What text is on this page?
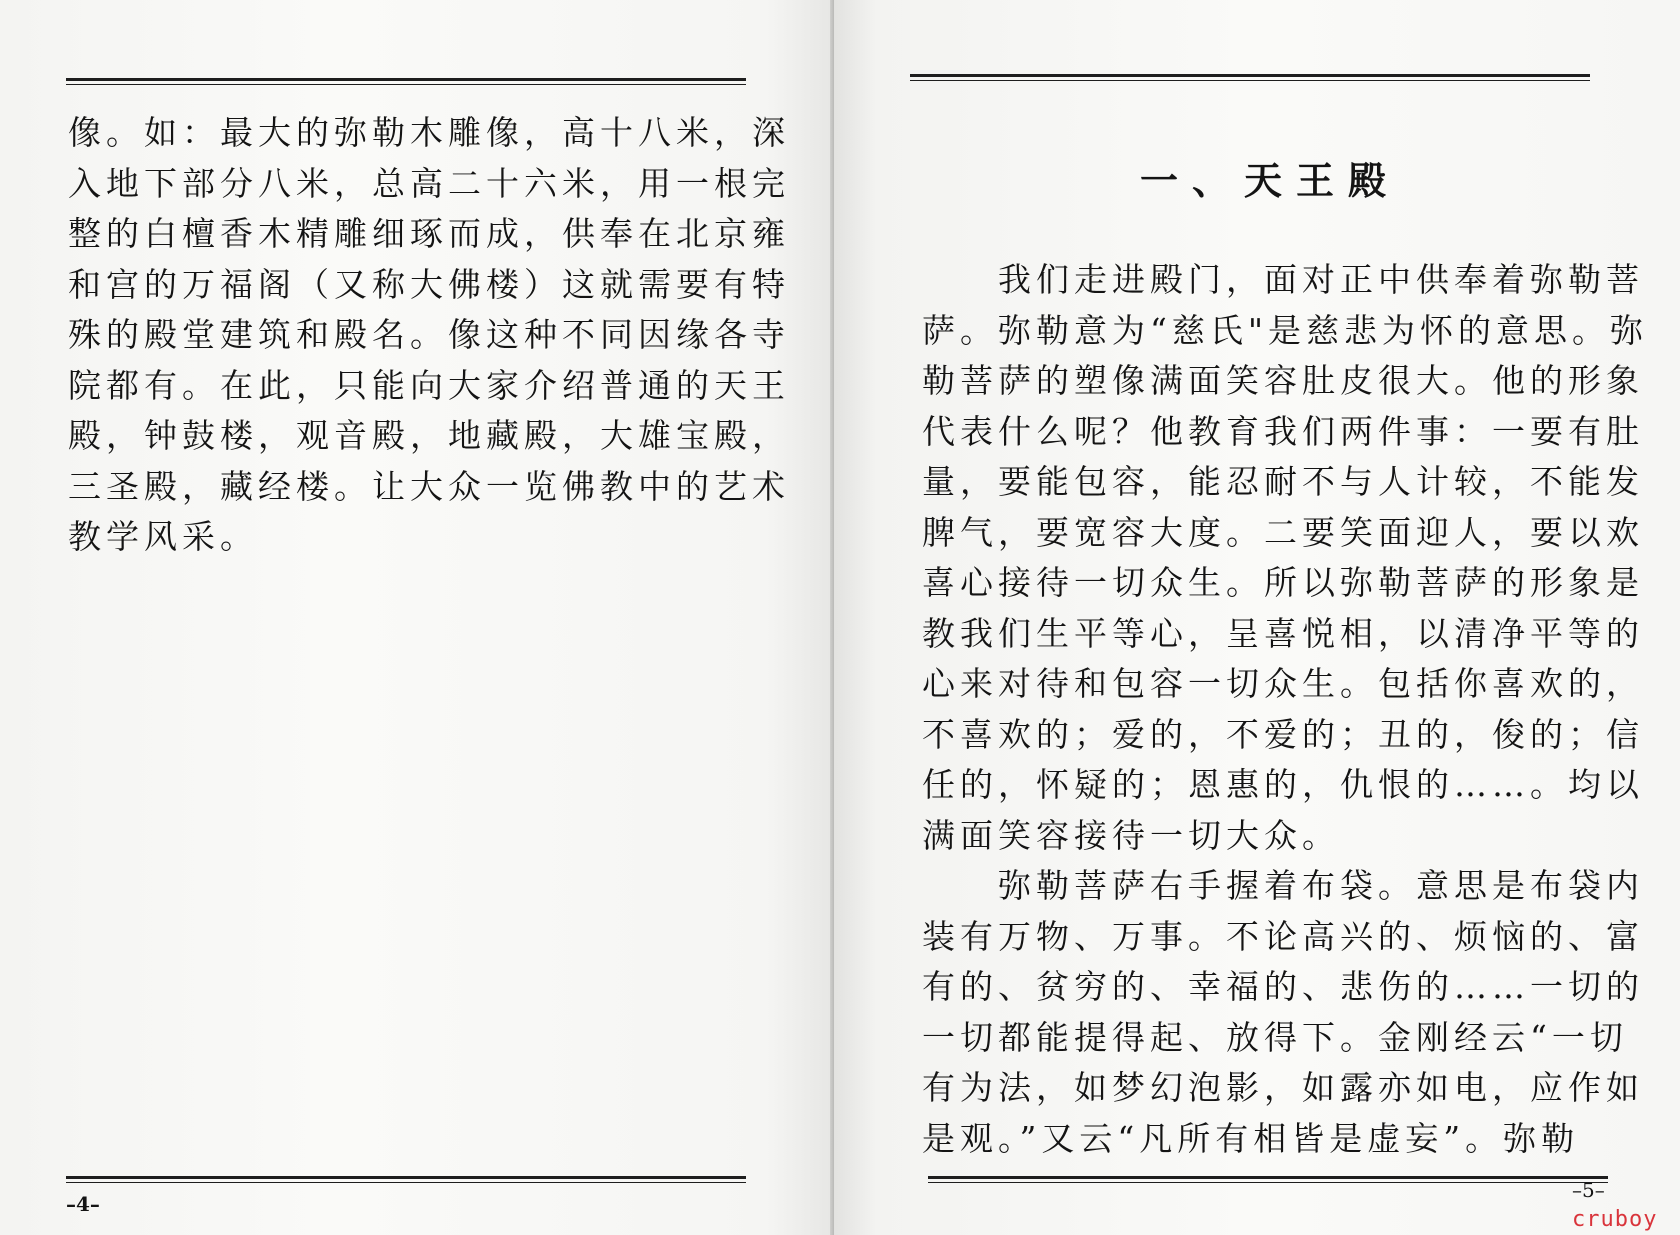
像。如：最大的弥勒木雕像，高十八米，深
入地下部分八米，总高二十六米，用一根完
整的白檀香木精雕细琢而成，供奉在北京雍
和宫的万福阁（又称大佛楼）这就需要有特
殊的殿堂建筑和殿名。像这种不同因缘各寺
院都有。在此，只能向大家介绍普通的天王
殿，钟鼓楼，观音殿，地藏殿，大雄宝殿，
三圣殿，藏经楼。让大众一览佛教中的艺术
教学风采。
–4–
一、天王殿
　　我们走进殿门，面对正中供奉着弥勒菩
萨。弥勒意为“慈氏"是慈悲为怀的意思。弥
勒菩萨的塑像满面笑容肚皮很大。他的形象
代表什么呢？他教育我们两件事：一要有肚
量，要能包容，能忍耐不与人计较，不能发
脾气，要宽容大度。二要笑面迎人，要以欢
喜心接待一切众生。所以弥勒菩萨的形象是
教我们生平等心，呈喜悦相，以清净平等的
心来对待和包容一切众生。包括你喜欢的，
不喜欢的；爱的，不爱的；丑的，俊的；信
任的，怀疑的；恩惠的，仇恨的……。均以
满面笑容接待一切大众。
　　弥勒菩萨右手握着布袋。意思是布袋内
装有万物、万事。不论高兴的、烦恼的、富
有的、贫穷的、幸福的、悲伤的……一切的
一切都能提得起、放得下。金刚经云“一切
有为法，如梦幻泡影，如露亦如电，应作如
是观。”又云“凡所有相皆是虚妄”。弥勒
–5–
cruboy
